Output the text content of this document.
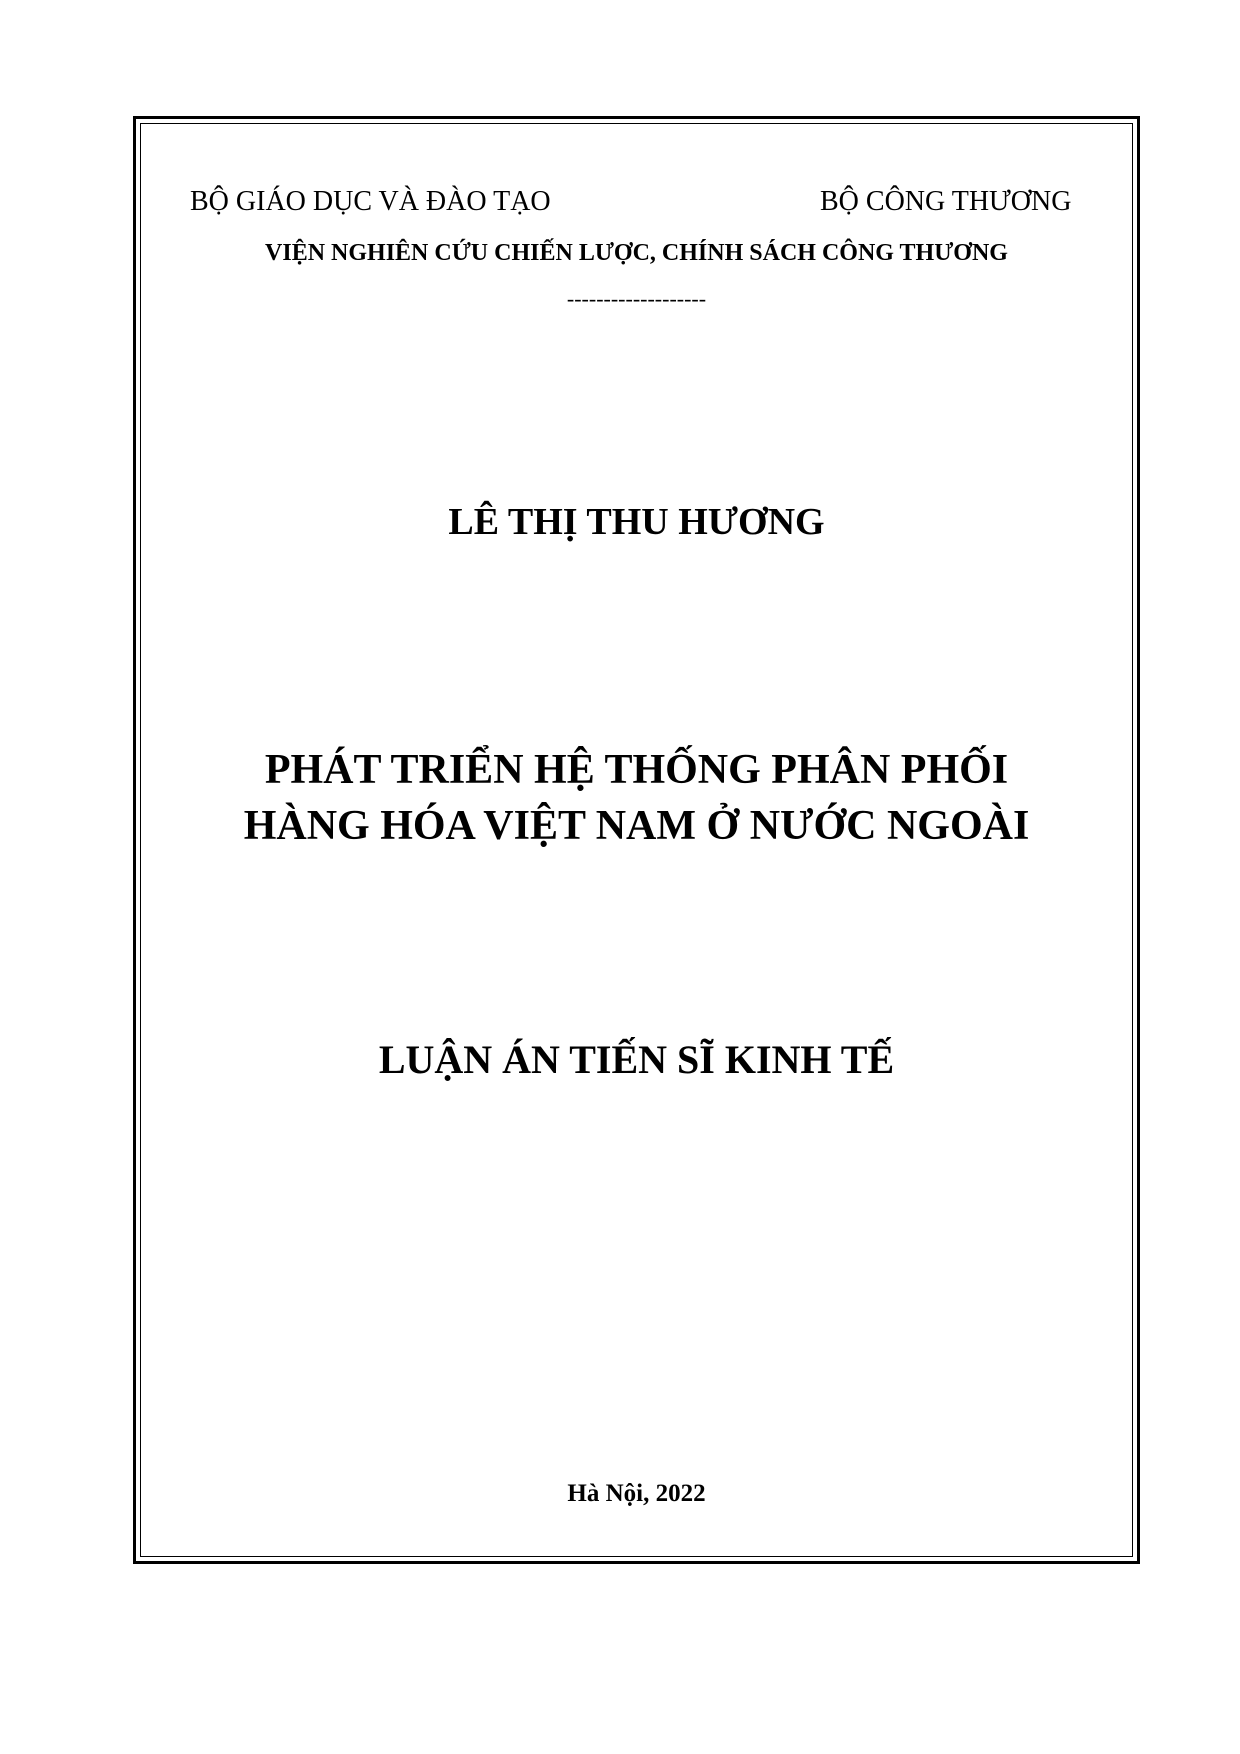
BỘ GIÁO DỤC VÀ ĐÀO TẠO	BỘ CÔNG THƯƠNG
VIỆN NGHIÊN CỨU CHIẾN LƯỢC, CHÍNH SÁCH CÔNG THƯƠNG
-------------------
LÊ THỊ THU HƯƠNG
PHÁT TRIỂN HỆ THỐNG PHÂN PHỐI
HÀNG HÓA VIỆT NAM Ở NƯỚC NGOÀI
LUẬN ÁN TIẾN SĨ KINH TẾ
Hà Nội, 2022
